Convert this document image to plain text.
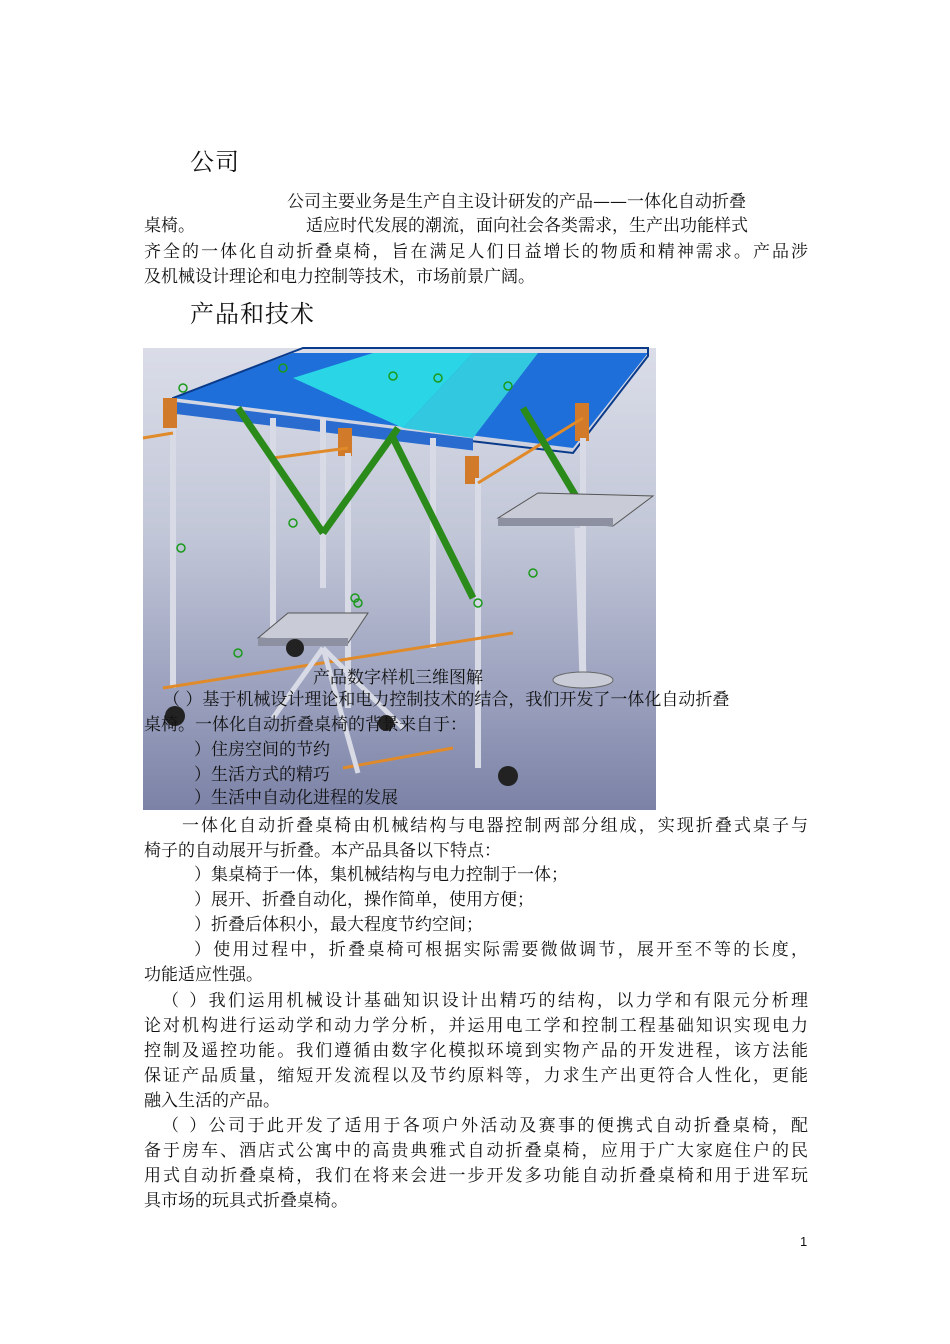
公司
公司主要业务是生产自主设计研发的产品——一体化自动折叠
桌椅。	适应时代发展的潮流，面向社会各类需求，生产出功能样式
齐全的一体化自动折叠桌椅，旨在满足人们日益增长的物质和精神需求。产品涉
及机械设计理论和电力控制等技术，市场前景广阔。
产品和技术
产品数字样机三维图解
（ ）基于机械设计理论和电力控制技术的结合，我们开发了一体化自动折叠
桌椅。一体化自动折叠桌椅的背景来自于：
）住房空间的节约
）生活方式的精巧
）生活中自动化进程的发展
一体化自动折叠桌椅由机械结构与电器控制两部分组成，实现折叠式桌子与
椅子的自动展开与折叠。本产品具备以下特点：
）集桌椅于一体，集机械结构与电力控制于一体；
）展开、折叠自动化，操作简单，使用方便；
）折叠后体积小，最大程度节约空间；
）使用过程中，折叠桌椅可根据实际需要微做调节，展开至不等的长度，
功能适应性强。
（ ）我们运用机械设计基础知识设计出精巧的结构，以力学和有限元分析理
论对机构进行运动学和动力学分析，并运用电工学和控制工程基础知识实现电力
控制及遥控功能。我们遵循由数字化模拟环境到实物产品的开发进程，该方法能
保证产品质量，缩短开发流程以及节约原料等，力求生产出更符合人性化，更能
融入生活的产品。
（ ）公司于此开发了适用于各项户外活动及赛事的便携式自动折叠桌椅，配
备于房车、酒店式公寓中的高贵典雅式自动折叠桌椅，应用于广大家庭住户的民
用式自动折叠桌椅，我们在将来会进一步开发多功能自动折叠桌椅和用于进军玩
具市场的玩具式折叠桌椅。
1
